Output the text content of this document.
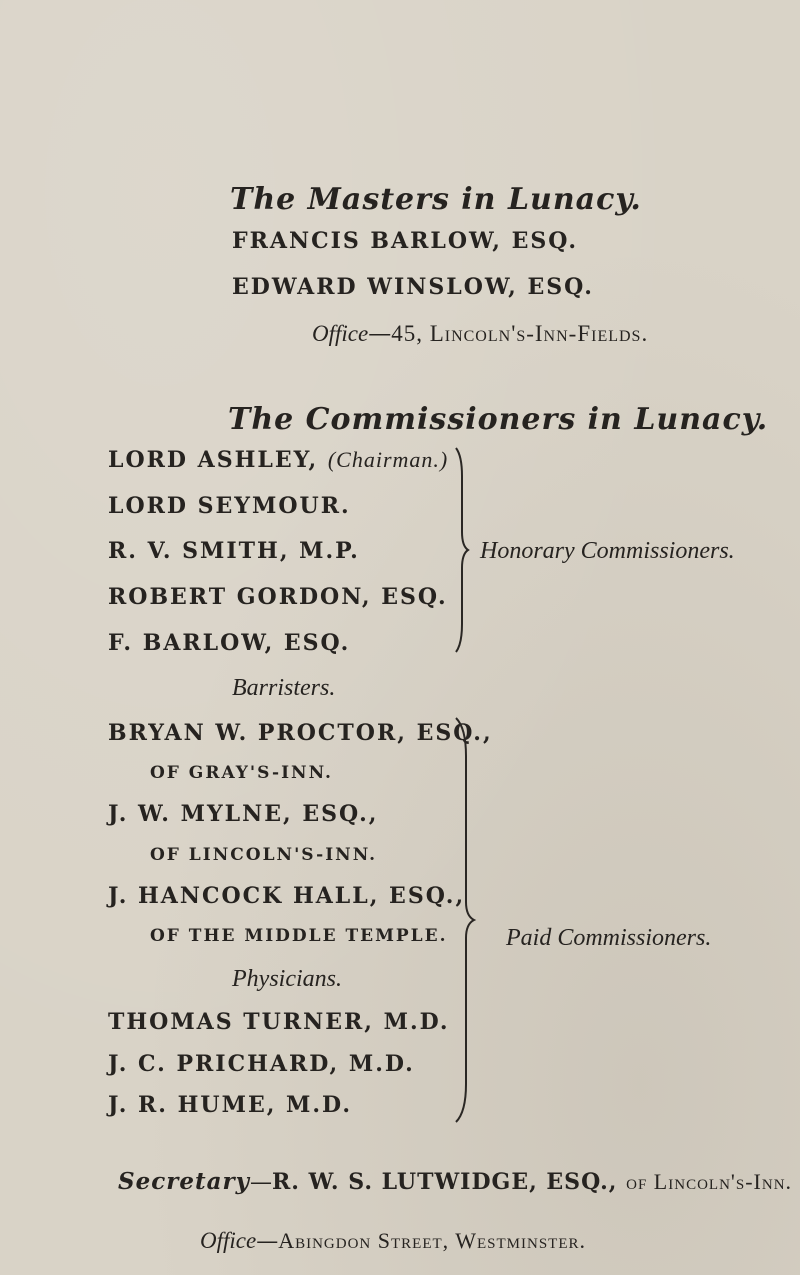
The Masters in Lunacy.
FRANCIS BARLOW, ESQ.
EDWARD WINSLOW, ESQ.
Office—45, Lincoln's-Inn-Fields.
The Commissioners in Lunacy.
LORD ASHLEY, (Chairman.)
LORD SEYMOUR.
R. V. SMITH, M.P.
ROBERT GORDON, ESQ.
F. BARLOW, ESQ.
Honorary Commissioners.
Barristers.
BRYAN W. PROCTOR, ESQ.,
OF GRAY'S-INN.
J. W. MYLNE, ESQ.,
OF LINCOLN'S-INN.
J. HANCOCK HALL, ESQ.,
OF THE MIDDLE TEMPLE.
Physicians.
THOMAS TURNER, M.D.
J. C. PRICHARD, M.D.
J. R. HUME, M.D.
Paid Commissioners.
Secretary—R. W. S. LUTWIDGE, ESQ., of Lincoln's-Inn.
Office—Abingdon Street, Westminster.
